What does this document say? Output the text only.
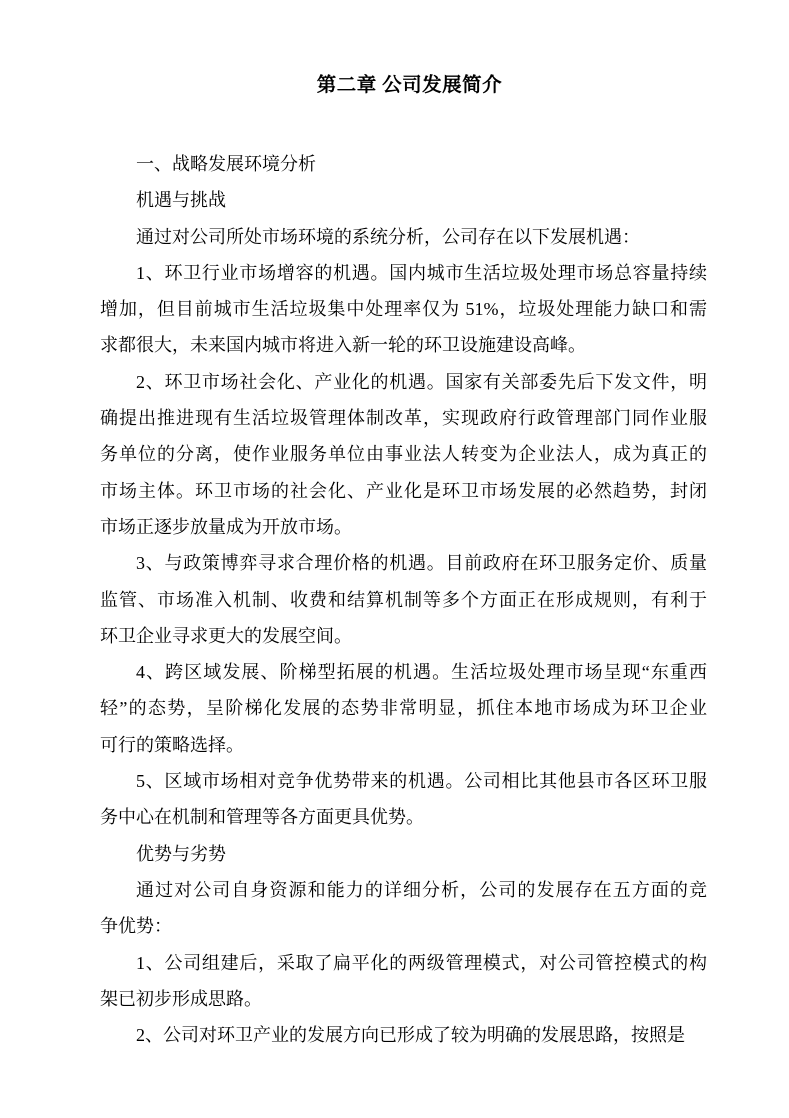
第二章 公司发展简介
一、战略发展环境分析
机遇与挑战
通过对公司所处市场环境的系统分析，公司存在以下发展机遇：
1、环卫行业市场增容的机遇。国内城市生活垃圾处理市场总容量持续
增加，但目前城市生活垃圾集中处理率仅为 51%，垃圾处理能力缺口和需
求都很大，未来国内城市将进入新一轮的环卫设施建设高峰。
2、环卫市场社会化、产业化的机遇。国家有关部委先后下发文件，明
确提出推进现有生活垃圾管理体制改革，实现政府行政管理部门同作业服
务单位的分离，使作业服务单位由事业法人转变为企业法人，成为真正的
市场主体。环卫市场的社会化、产业化是环卫市场发展的必然趋势，封闭
市场正逐步放量成为开放市场。
3、与政策博弈寻求合理价格的机遇。目前政府在环卫服务定价、质量
监管、市场准入机制、收费和结算机制等多个方面正在形成规则，有利于
环卫企业寻求更大的发展空间。
4、跨区域发展、阶梯型拓展的机遇。生活垃圾处理市场呈现“东重西
轻”的态势，呈阶梯化发展的态势非常明显，抓住本地市场成为环卫企业
可行的策略选择。
5、区域市场相对竞争优势带来的机遇。公司相比其他县市各区环卫服
务中心在机制和管理等各方面更具优势。
优势与劣势
通过对公司自身资源和能力的详细分析，公司的发展存在五方面的竞
争优势：
1、公司组建后，采取了扁平化的两级管理模式，对公司管控模式的构
架已初步形成思路。
2、公司对环卫产业的发展方向已形成了较为明确的发展思路，按照是
